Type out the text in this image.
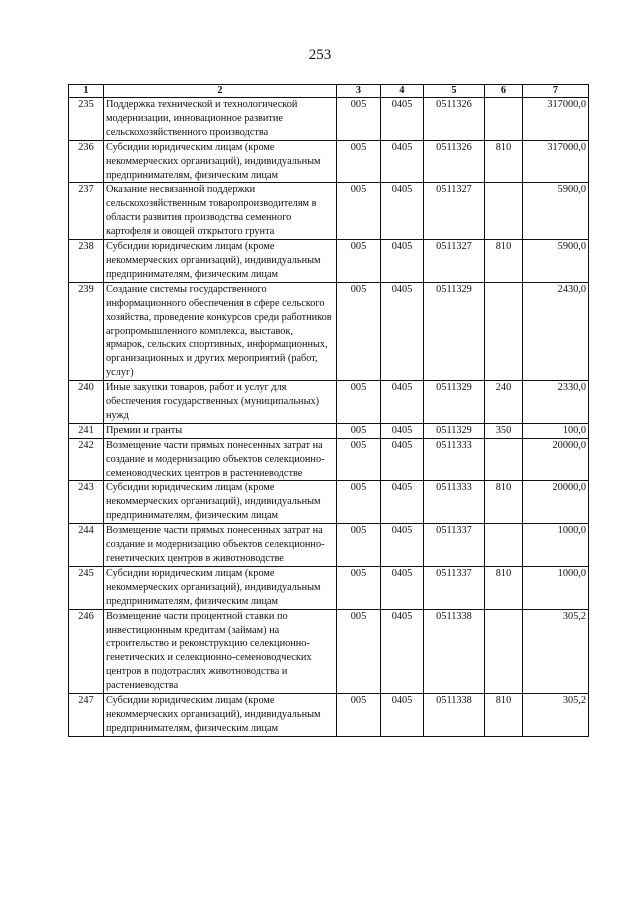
253
1	2	3	4	5	6	7
235	Поддержка технической и технологической модернизации, инновационное развитие сельскохозяйственного производства	005	0405	0511326		317000,0
236	Субсидии юридическим лицам (кроме некоммерческих организаций), индивидуальным предпринимателям, физическим лицам	005	0405	0511326	810	317000,0
237	Оказание несвязанной поддержки сельскохозяйственным товаропроизводителям в области развития производства семенного картофеля и овощей открытого грунта	005	0405	0511327		5900,0
238	Субсидии юридическим лицам (кроме некоммерческих организаций), индивидуальным предпринимателям, физическим лицам	005	0405	0511327	810	5900,0
239	Создание системы государственного информационного обеспечения в сфере сельского хозяйства, проведение конкурсов среди работников агропромышленного комплекса, выставок, ярмарок, сельских спортивных, информационных, организационных и других мероприятий (работ, услуг)	005	0405	0511329		2430,0
240	Иные закупки товаров, работ и услуг для обеспечения государственных (муниципальных) нужд	005	0405	0511329	240	2330,0
241	Премии и гранты	005	0405	0511329	350	100,0
242	Возмещение части прямых понесенных затрат на создание и модернизацию объектов селекционно-семеноводческих центров в растениеводстве	005	0405	0511333		20000,0
243	Субсидии юридическим лицам (кроме некоммерческих организаций), индивидуальным предпринимателям, физическим лицам	005	0405	0511333	810	20000,0
244	Возмещение части прямых понесенных затрат на создание и модернизацию объектов селекционно-генетических центров в животноводстве	005	0405	0511337		1000,0
245	Субсидии юридическим лицам (кроме некоммерческих организаций), индивидуальным предпринимателям, физическим лицам	005	0405	0511337	810	1000,0
246	Возмещение части процентной ставки по инвестиционным кредитам (займам) на строительство и реконструкцию селекционно-генетических и селекционно-семеноводческих центров в подотраслях животноводства и растениеводства	005	0405	0511338		305,2
247	Субсидии юридическим лицам (кроме некоммерческих организаций), индивидуальным предпринимателям, физическим лицам	005	0405	0511338	810	305,2
